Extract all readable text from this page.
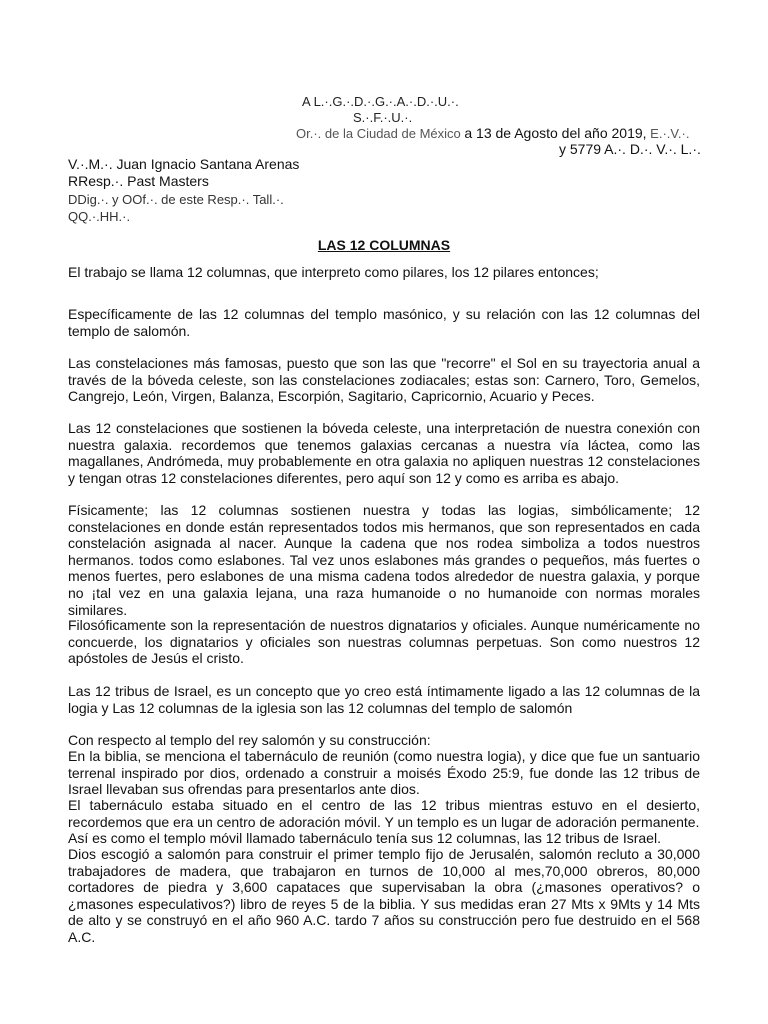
A L.·.G.·.D.·.G.·.A.·.D.·.U.·.
S.·.F.·.U.·.
Or.·. de la Ciudad de México a 13 de Agosto del año 2019, E.·.V.·.
y 5779 A.·. D.·. V.·. L.·.
V.·.M.·. Juan Ignacio Santana Arenas
RResp.·. Past Masters
DDig.·. y OOf.·. de este Resp.·. Tall.·.
QQ.·.HH.·.
LAS 12 COLUMNAS

El trabajo se llama 12 columnas, que interpreto como pilares, los 12 pilares entonces;

Específicamente de las 12 columnas del templo masónico, y su relación con las 12 columnas del templo de salomón.

Las constelaciones más famosas, puesto que son las que "recorre" el Sol en su trayectoria anual a través de la bóveda celeste, son las constelaciones zodiacales; estas son: Carnero, Toro, Gemelos, Cangrejo, León, Virgen, Balanza, Escorpión, Sagitario, Capricornio, Acuario y Peces.

Las 12 constelaciones que sostienen la bóveda celeste, una interpretación de nuestra conexión con nuestra galaxia. recordemos que tenemos galaxias cercanas a nuestra vía láctea, como las magallanes, Andrómeda, muy probablemente en otra galaxia no apliquen nuestras 12 constelaciones y tengan otras 12 constelaciones diferentes, pero aquí son 12 y como es arriba es abajo.

Físicamente; las 12 columnas sostienen nuestra y todas las logias, simbólicamente; 12 constelaciones en donde están representados todos mis hermanos, que son representados en cada constelación asignada al nacer. Aunque la cadena que nos rodea simboliza a todos nuestros hermanos. todos como eslabones. Tal vez unos eslabones más grandes o pequeños, más fuertes o menos fuertes, pero eslabones de una misma cadena todos alrededor de nuestra galaxia, y porque no ¡tal vez en una galaxia lejana, una raza humanoide o no humanoide con normas morales similares.

Filosóficamente son la representación de nuestros dignatarios y oficiales. Aunque numéricamente no concuerde, los dignatarios y oficiales son nuestras columnas perpetuas. Son como nuestros 12 apóstoles de Jesús el cristo.

Las 12 tribus de Israel, es un concepto que yo creo está íntimamente ligado a las 12 columnas de la logia y Las 12 columnas de la iglesia son las 12 columnas del templo de salomón

Con respecto al templo del rey salomón y su construcción:

En la biblia, se menciona el tabernáculo de reunión (como nuestra logia), y dice que fue un santuario terrenal inspirado por dios, ordenado a construir a moisés Éxodo 25:9, fue donde las 12 tribus de Israel llevaban sus ofrendas para presentarlos ante dios.

El tabernáculo estaba situado en el centro de las 12 tribus mientras estuvo en el desierto, recordemos que era un centro de adoración móvil. Y un templo es un lugar de adoración permanente.

Así es como el templo móvil llamado tabernáculo tenía sus 12 columnas, las 12 tribus de Israel.

Dios escogió a salomón para construir el primer templo fijo de Jerusalén, salomón recluto a 30,000 trabajadores de madera, que trabajaron en turnos de 10,000 al mes,70,000 obreros, 80,000 cortadores de piedra y 3,600 capataces que supervisaban la obra (¿masones operativos? o ¿masones especulativos?) libro de reyes 5 de la biblia. Y sus medidas eran 27 Mts x 9Mts y 14 Mts de alto y se construyó en el año 960 A.C. tardo 7 años su construcción pero fue destruido en el 568 A.C.
